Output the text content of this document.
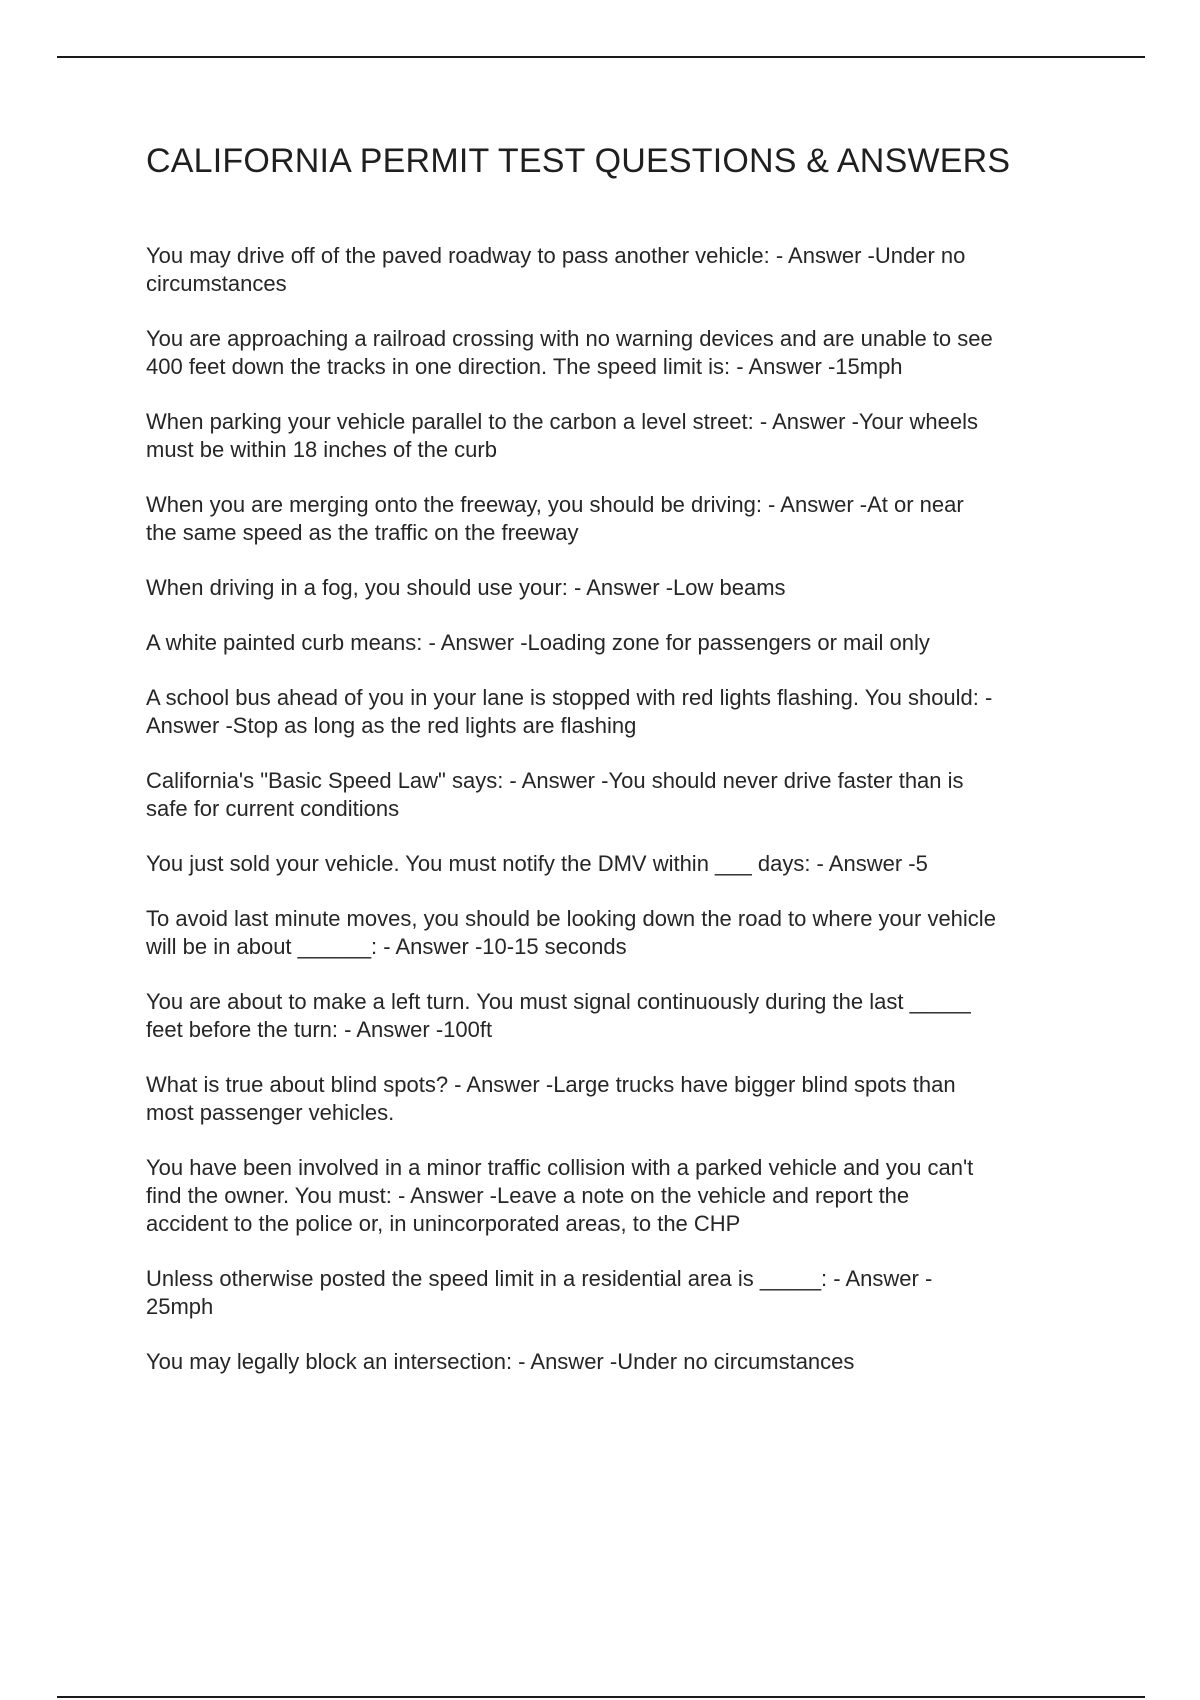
CALIFORNIA PERMIT TEST QUESTIONS & ANSWERS
You may drive off of the paved roadway to pass another vehicle: - Answer -Under no
circumstances
You are approaching a railroad crossing with no warning devices and are unable to see
400 feet down the tracks in one direction. The speed limit is: - Answer -15mph
When parking your vehicle parallel to the carbon a level street: - Answer -Your wheels
must be within 18 inches of the curb
When you are merging onto the freeway, you should be driving: - Answer -At or near
the same speed as the traffic on the freeway
When driving in a fog, you should use your: - Answer -Low beams
A white painted curb means: - Answer -Loading zone for passengers or mail only
A school bus ahead of you in your lane is stopped with red lights flashing. You should: -
Answer -Stop as long as the red lights are flashing
California's "Basic Speed Law" says: - Answer -You should never drive faster than is
safe for current conditions
You just sold your vehicle. You must notify the DMV within ___ days: - Answer -5
To avoid last minute moves, you should be looking down the road to where your vehicle
will be in about ______: - Answer -10-15 seconds
You are about to make a left turn. You must signal continuously during the last _____
feet before the turn: - Answer -100ft
What is true about blind spots? - Answer -Large trucks have bigger blind spots than
most passenger vehicles.
You have been involved in a minor traffic collision with a parked vehicle and you can't
find the owner. You must: - Answer -Leave a note on the vehicle and report the
accident to the police or, in unincorporated areas, to the CHP
Unless otherwise posted the speed limit in a residential area is _____: - Answer -
25mph
You may legally block an intersection: - Answer -Under no circumstances
